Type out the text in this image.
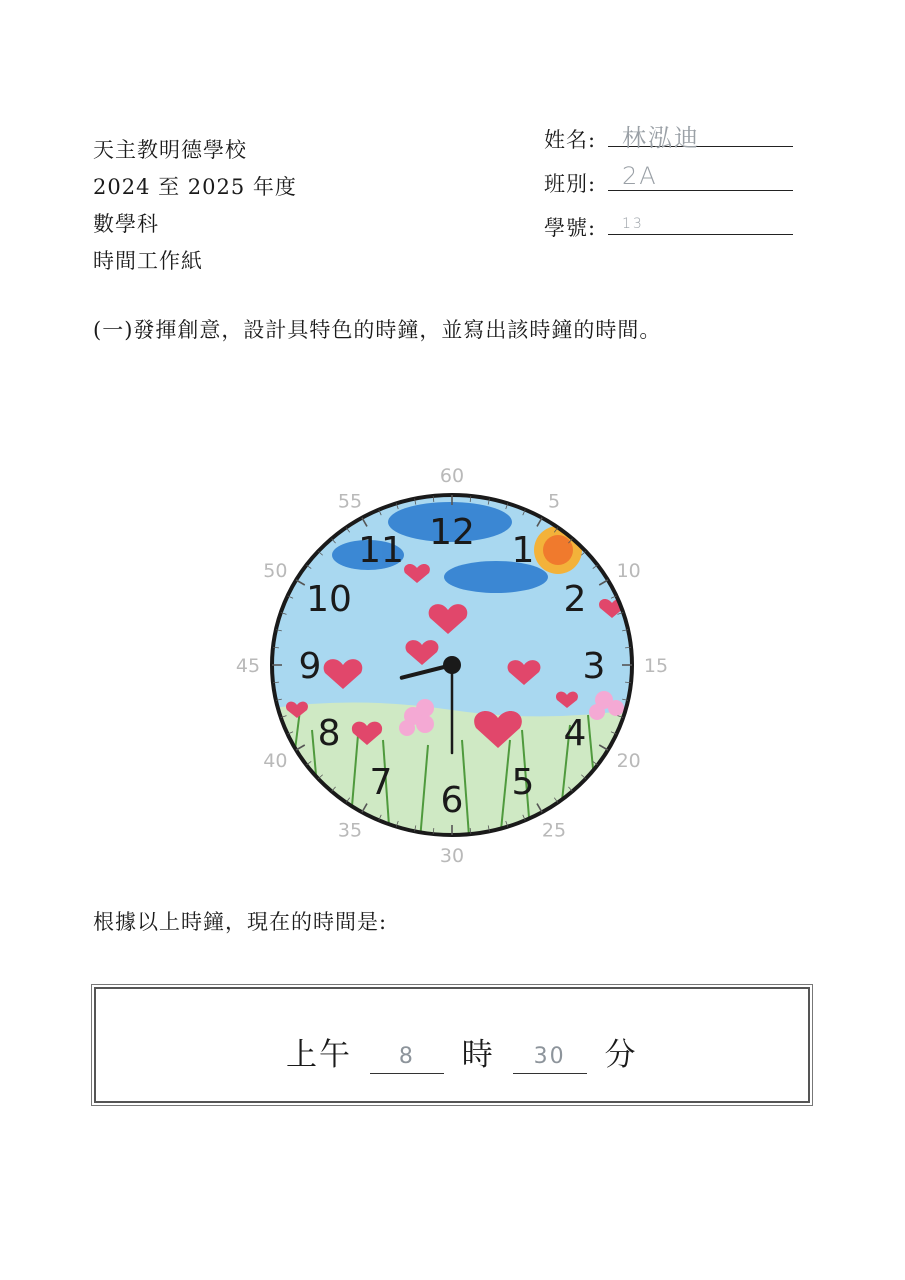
天主教明德學校
2024 至 2025 年度
數學科
時間工作紙
姓名: 林泓迪
班別: 2A
學號: 13
(一)發揮創意，設計具特色的時鐘，並寫出該時鐘的時間。
60
5
10
15
20
25
30
35
40
45
50
55
12 1
2
3
4
5
6
7
8
9
10
11
根據以上時鐘，現在的時間是:
上午 8 時 30 分
